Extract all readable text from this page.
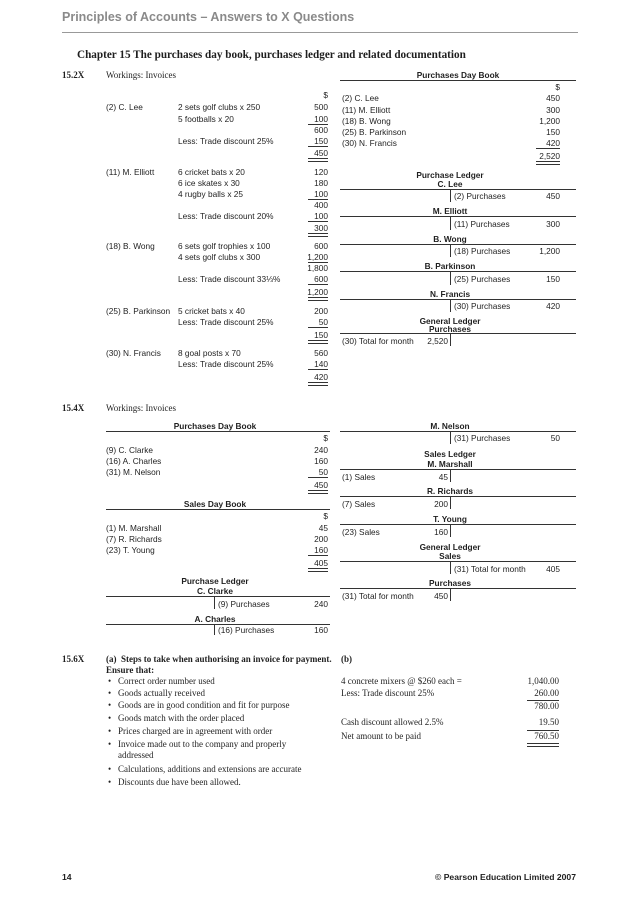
Principles of Accounts – Answers to X Questions
Chapter 15 The purchases day book, purchases ledger and related documentation
15.2X Workings: Invoices
$
(2) C. Lee	2 sets golf clubs x 250	500
5 footballs x 20	100
600
Less: Trade discount 25%	150
450
(11) M. Elliott	6 cricket bats x 20	120
6 ice skates x 30	180
4 rugby balls x 25	100
400
Less: Trade discount 20%	100
300
(18) B. Wong	6 sets golf trophies x 100	600
4 sets golf clubs x 300	1,200
1,800
Less: Trade discount 33⅓%	600
1,200
(25) B. Parkinson 5 cricket bats x 40	200
Less: Trade discount 25%	50
150
(30) N. Francis 8 goal posts x 70	560
Less: Trade discount 25%	140
420
Purchases Day Book
$
(2) C. Lee	450
(11) M. Elliott	300
(18) B. Wong	1,200
(25) B. Parkinson	150
(30) N. Francis	420
2,520
Purchase Ledger
C. Lee
(2) Purchases	450
M. Elliott
(11) Purchases	300
B. Wong
(18) Purchases	1,200
B. Parkinson
(25) Purchases	150
N. Francis
(30) Purchases	420
General Ledger
Purchases
(30) Total for month	2,520
15.4X Workings: Invoices
Purchases Day Book
$
(9) C. Clarke	240
(16) A. Charles	160
(31) M. Nelson	50
450
Sales Day Book
$
(1) M. Marshall	45
(7) R. Richards	200
(23) T. Young	160
405
Purchase Ledger
C. Clarke
(9) Purchases	240
A. Charles
(16) Purchases	160
M. Nelson
(31) Purchases	50
Sales Ledger
M. Marshall
(1) Sales	45
R. Richards
(7) Sales	200
T. Young
(23) Sales	160
General Ledger
Sales
(31) Total for month	405
Purchases
(31) Total for month	450
15.6X (a) Steps to take when authorising an invoice for payment.
Ensure that:
• Correct order number used
• Goods actually received
• Goods are in good condition and fit for purpose
• Goods match with the order placed
• Prices charged are in agreement with order
• Invoice made out to the company and properly
addressed
• Calculations, additions and extensions are accurate
• Discounts due have been allowed.
(b)
4 concrete mixers @ $260 each =	1,040.00
Less: Trade discount 25%	260.00
780.00
Cash discount allowed 2.5%	19.50
Net amount to be paid	760.50
14	© Pearson Education Limited 2007
